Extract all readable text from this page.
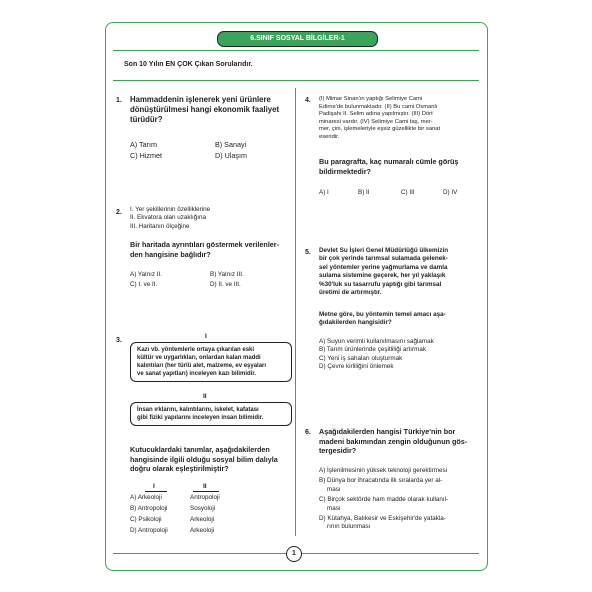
6.SINIF SOSYAL BİLGİLER-1
Son 10 Yılın EN ÇOK Çıkan Sorularıdır.
1. Hammaddenin işlenerek yeni ürünlere
dönüştürülmesi hangi ekonomik faaliyet
türüdür?
A) Tarım	B) Sanayi
C) Hizmet	D) Ulaşım
2. I. Yer şekillerinin özelliklerine
II. Ekvatora olan uzaklığına
III. Haritanın ölçeğine
Bir haritada ayrıntıları göstermek verilenler-
den hangisine bağlıdır?
A) Yalnız II.	B) Yalnız III.
C) I. ve II.	D) II. ve III.
3.
I
Kazı vb. yöntemlerle ortaya çıkarılan eski
kültür ve uygarlıkları, onlardan kalan maddi
kalıntıları (her türlü alet, malzeme, ev eşyaları
ve sanat yapıtları) inceleyen kazı bilimidir.
II
İnsan ırklarını, kalıntılarını, iskelet, kafatası
gibi fiziki yapılarını inceleyen insan bilimidir.
Kutucuklardaki tanımlar, aşağıdakilerden
hangisinde ilgili olduğu sosyal bilim dalıyla
doğru olarak eşleştirilmiştir?
I	II
A) Arkeoloji	Antropoloji
B) Antropoloji	Sosyoloji
C) Psikoloji	Arkeoloji
D) Antropoloji	Arkeoloji
4. (I) Mimar Sinan'ın yaptığı Selimiye Cami
Edirne'de bulunmaktadır. (II) Bu cami Osmanlı
Padişahı II. Selim adına yapılmıştır. (III) Dört
minaresi vardır. (IV) Selimiye Cami taş, mer-
mer, çini, işlemeleriyle eşsiz güzellikte bir sanat
eseridir.
Bu paragrafta, kaç numaralı cümle görüş
bildirmektedir?
A) I	B) II	C) III	D) IV
5. Devlet Su İşleri Genel Müdürlüğü ülkemizin
bir çok yerinde tarımsal sulamada gelenek-
sel yöntemler yerine yağmurlama ve damla
sulama sistemine geçerek, her yıl yaklaşık
%30'luk su tasarrufu yaptığı gibi tarımsal
üretimi de artırmıştır.
Metne göre, bu yöntemin temel amacı aşa-
ğıdakilerden hangisidir?
A) Suyun verimli kullanılmasını sağlamak
B) Tarım ürünlerinde çeşitliliği artırmak
C) Yeni iş sahaları oluşturmak
D) Çevre kirliliğini önlemek
6. Aşağıdakilerden hangisi Türkiye'nin bor
madeni bakımından zengin olduğunun gös-
tergesidir?
A) İşlenilmesinin yüksek teknoloji gerektirmesi
B) Dünya bor ihracatında ilk sıralarda yer al-
ması
C) Birçok sektörde ham madde olarak kullanıl-
ması
D) Kütahya, Balıkesir ve Eskişehir'de yatakla-
rının bulunması
1
